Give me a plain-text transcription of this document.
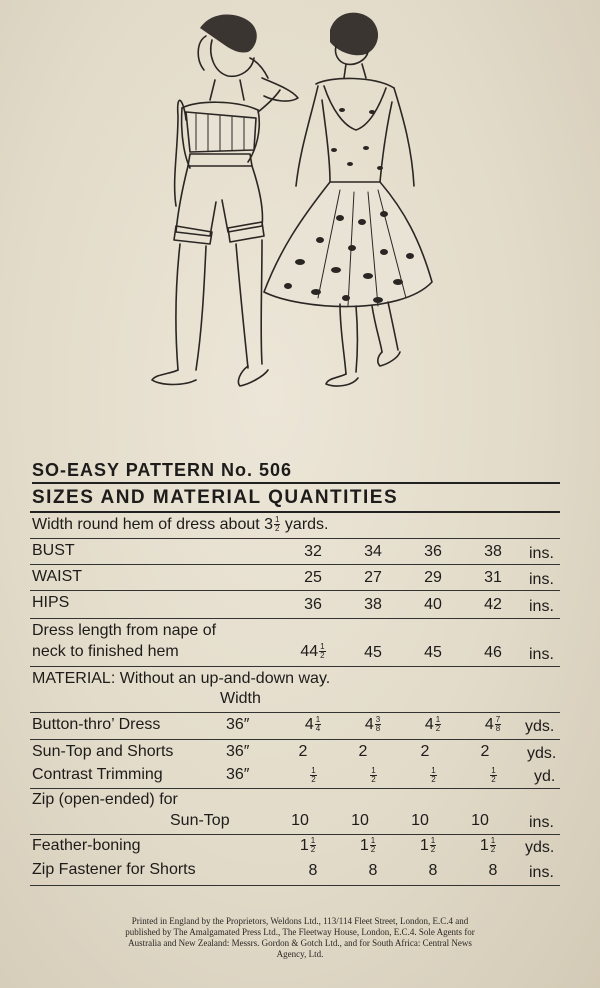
SO-EASY PATTERN No. 506
SIZES AND MATERIAL QUANTITIES
Width round hem of dress about $3 \frac{1}{2}$ yards.
BUST	32	34	36	38	ins.
WAIST	25	27	29	31	ins.
HIPS	36	38	40	42	ins.
Dress length from nape of
neck to finished hem	$44 \frac{1}{2}$	45	45	46	ins.
MATERIAL: Without an up-and-down way.
Width
Button-thro’ Dress	36″	$4 \frac{1}{4}$	$4 \frac{3}{8}$	$4 \frac{1}{2}$	$4 \frac{7}{8}$ yds.
Sun-Top and Shorts	36″	2	2	2	2	yds.
Contrast Trimming	36″	$\frac{1}{2}$	$\frac{1}{2}$	$\frac{1}{2}$	$\frac{1}{2}$ yd.
Zip (open-ended) for
Sun-Top	10	10	10	10	ins.
Feather-boning	$1 \frac{1}{2}$	$1 \frac{1}{2}$	$1 \frac{1}{2}$	$1 \frac{1}{2}$ yds.
Zip Fastener for Shorts	8	8	8	8	ins.
Printed in England by the Proprietors, Weldons Ltd., 113/114 Fleet Street, London, E.C.4 and
published by The Amalgamated Press Ltd., The Fleetway House, London, E.C.4. Sole Agents for
Australia and New Zealand: Messrs. Gordon & Gotch Ltd., and for South Africa: Central News
Agency, Ltd.
